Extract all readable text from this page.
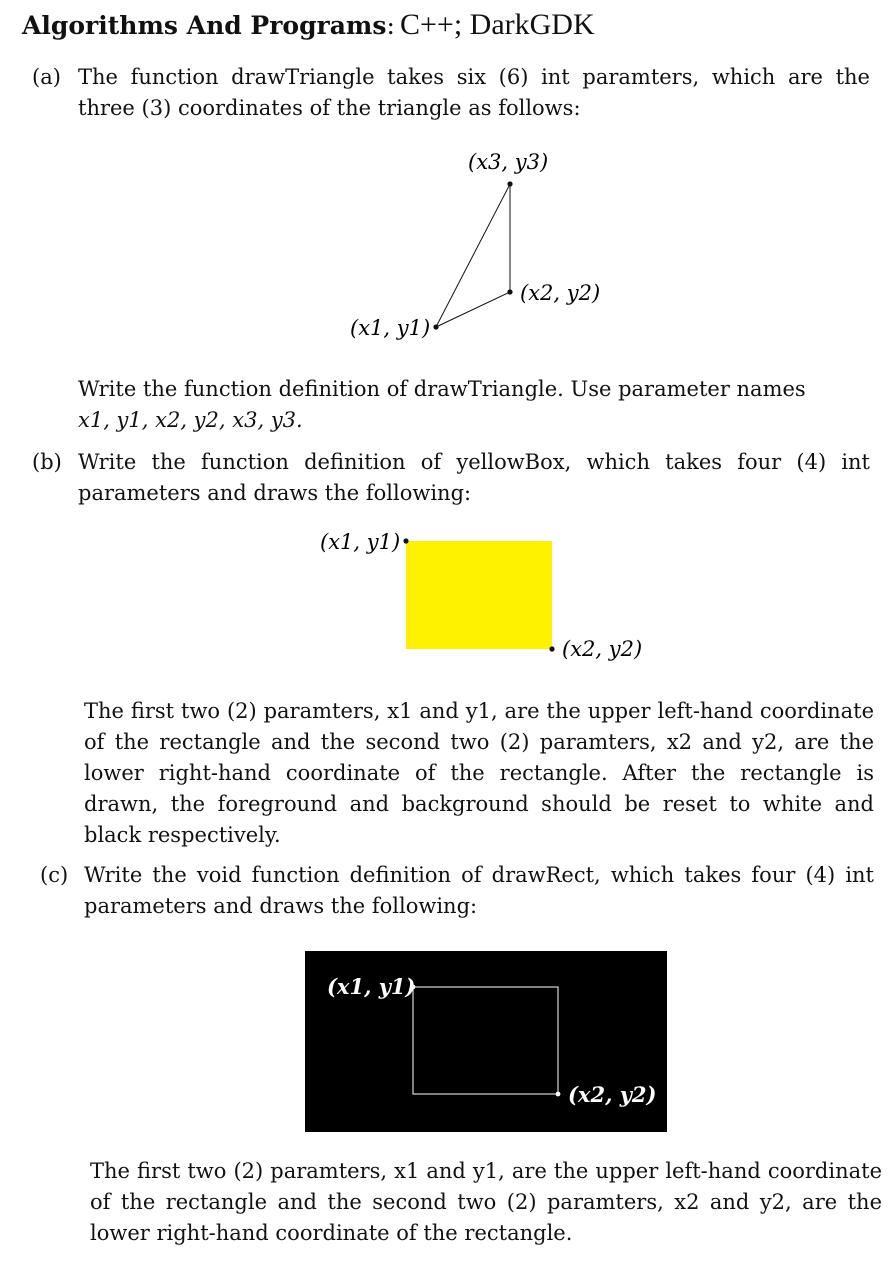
Algorithms And Programs: C++; DarkGDK
(a) The function drawTriangle takes six (6) int paramters, which are the three (3) coordinates of the triangle as follows:
(x3, y3)
(x2, y2)
(x1, y1)
Write the function definition of drawTriangle. Use parameter names
x1, y1, x2, y2, x3, y3.
(b) Write the function definition of yellowBox, which takes four (4) int parameters and draws the following:
(x1, y1)
(x2, y2)
The first two (2) paramters, x1 and y1, are the upper left-hand coordinate of the rectangle and the second two (2) paramters, x2 and y2, are the lower right-hand coordinate of the rectangle. After the rectangle is drawn, the foreground and background should be reset to white and black respectively.
(c) Write the void function definition of drawRect, which takes four (4) int parameters and draws the following:
(x1, y1)
(x2, y2)
The first two (2) paramters, x1 and y1, are the upper left-hand coordinate of the rectangle and the second two (2) paramters, x2 and y2, are the lower right-hand coordinate of the rectangle.
